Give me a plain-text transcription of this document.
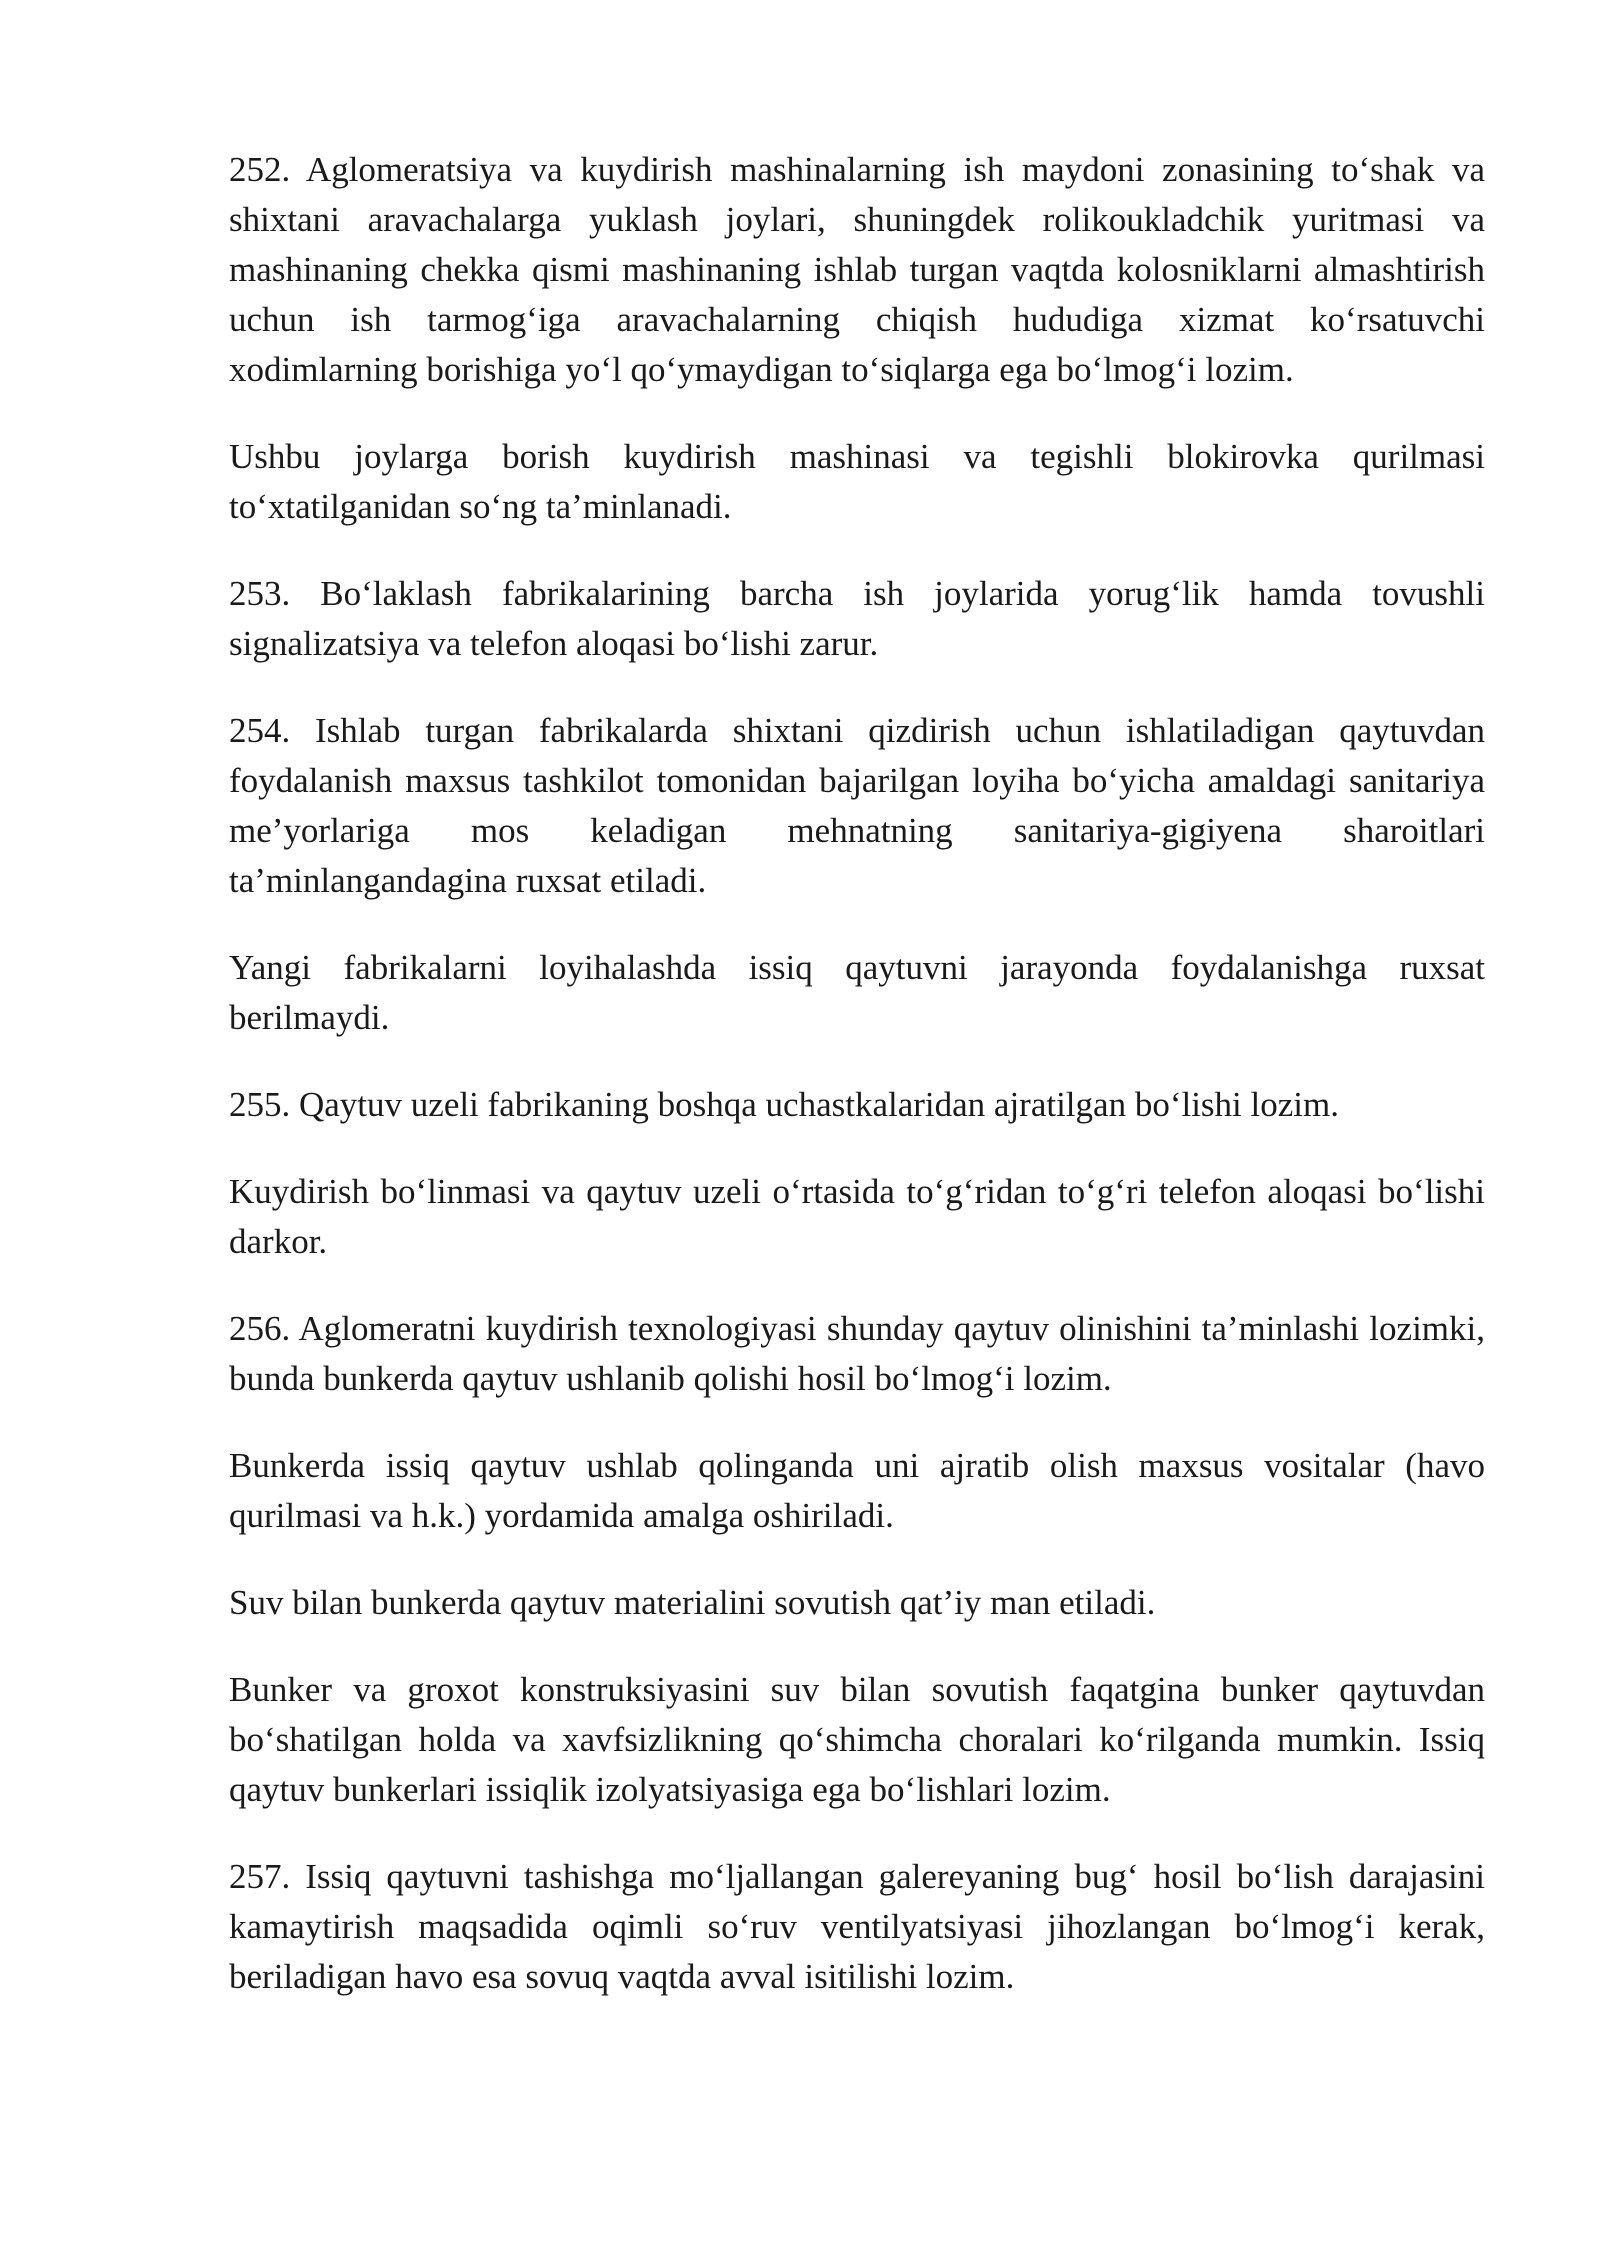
252. Aglomeratsiya va kuydirish mashinalarning ish maydoni zonasining to‘shak va shixtani aravachalarga yuklash joylari, shuningdek rolikoukladchik yuritmasi va mashinaning chekka qismi mashinaning ishlab turgan vaqtda kolosniklarni almashtirish uchun ish tarmog‘iga aravachalarning chiqish hududiga xizmat ko‘rsatuvchi xodimlarning borishiga yo‘l qo‘ymaydigan to‘siqlarga ega bo‘lmog‘i lozim.

Ushbu joylarga borish kuydirish mashinasi va tegishli blokirovka qurilmasi to‘xtatilganidan so‘ng ta’minlanadi.

253. Bo‘laklash fabrikalarining barcha ish joylarida yorug‘lik hamda tovushli signalizatsiya va telefon aloqasi bo‘lishi zarur.

254. Ishlab turgan fabrikalarda shixtani qizdirish uchun ishlatiladigan qaytuvdan foydalanish maxsus tashkilot tomonidan bajarilgan loyiha bo‘yicha amaldagi sanitariya me’yorlariga mos keladigan mehnatning sanitariya-gigiyena sharoitlari ta’minlangandagina ruxsat etiladi.

Yangi fabrikalarni loyihalashda issiq qaytuvni jarayonda foydalanishga ruxsat berilmaydi.

255. Qaytuv uzeli fabrikaning boshqa uchastkalaridan ajratilgan bo‘lishi lozim.

Kuydirish bo‘linmasi va qaytuv uzeli o‘rtasida to‘g‘ridan to‘g‘ri telefon aloqasi bo‘lishi darkor.

256. Aglomeratni kuydirish texnologiyasi shunday qaytuv olinishini ta’minlashi lozimki, bunda bunkerda qaytuv ushlanib qolishi hosil bo‘lmog‘i lozim.

Bunkerda issiq qaytuv ushlab qolinganda uni ajratib olish maxsus vositalar (havo qurilmasi va h.k.) yordamida amalga oshiriladi.

Suv bilan bunkerda qaytuv materialini sovutish qat’iy man etiladi.

Bunker va groxot konstruksiyasini suv bilan sovutish faqatgina bunker qaytuvdan bo‘shatilgan holda va xavfsizlikning qo‘shimcha choralari ko‘rilganda mumkin. Issiq qaytuv bunkerlari issiqlik izolyatsiyasiga ega bo‘lishlari lozim.

257. Issiq qaytuvni tashishga mo‘ljallangan galereyaning bug‘ hosil bo‘lish darajasini kamaytirish maqsadida oqimli so‘ruv ventilyatsiyasi jihozlangan bo‘lmog‘i kerak, beriladigan havo esa sovuq vaqtda avval isitilishi lozim.
